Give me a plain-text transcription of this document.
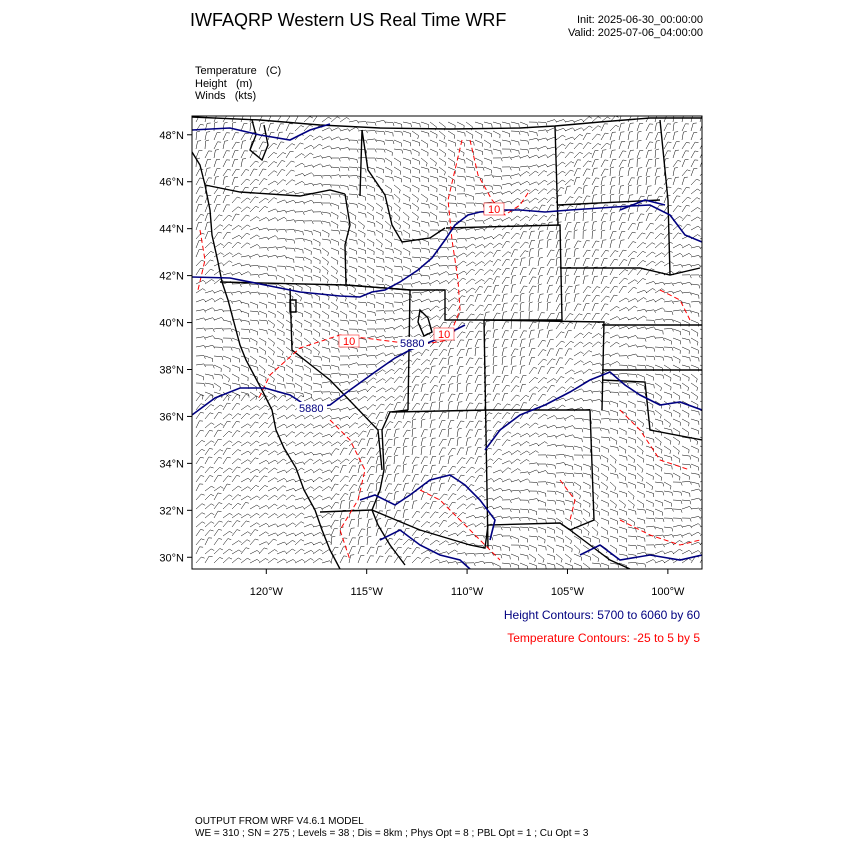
IWFAQRP Western US Real Time WRF	Init: 2025-06-30_00:00:00
Valid: 2025-07-06_04:00:00
Temperature   (C)
Height   (m)
Winds   (kts)
5880
5880
10
10
10
48°N
46°N
44°N
42°N
40°N
38°N
36°N
34°N
32°N
30°N
120°W	115°W	110°W	105°W	100°W
Height Contours: 5700 to 6060 by 60
Temperature Contours: -25 to 5 by 5
OUTPUT FROM WRF V4.6.1 MODEL
WE = 310 ; SN = 275 ; Levels = 38 ; Dis = 8km ; Phys Opt = 8 ; PBL Opt = 1 ; Cu Opt = 3
